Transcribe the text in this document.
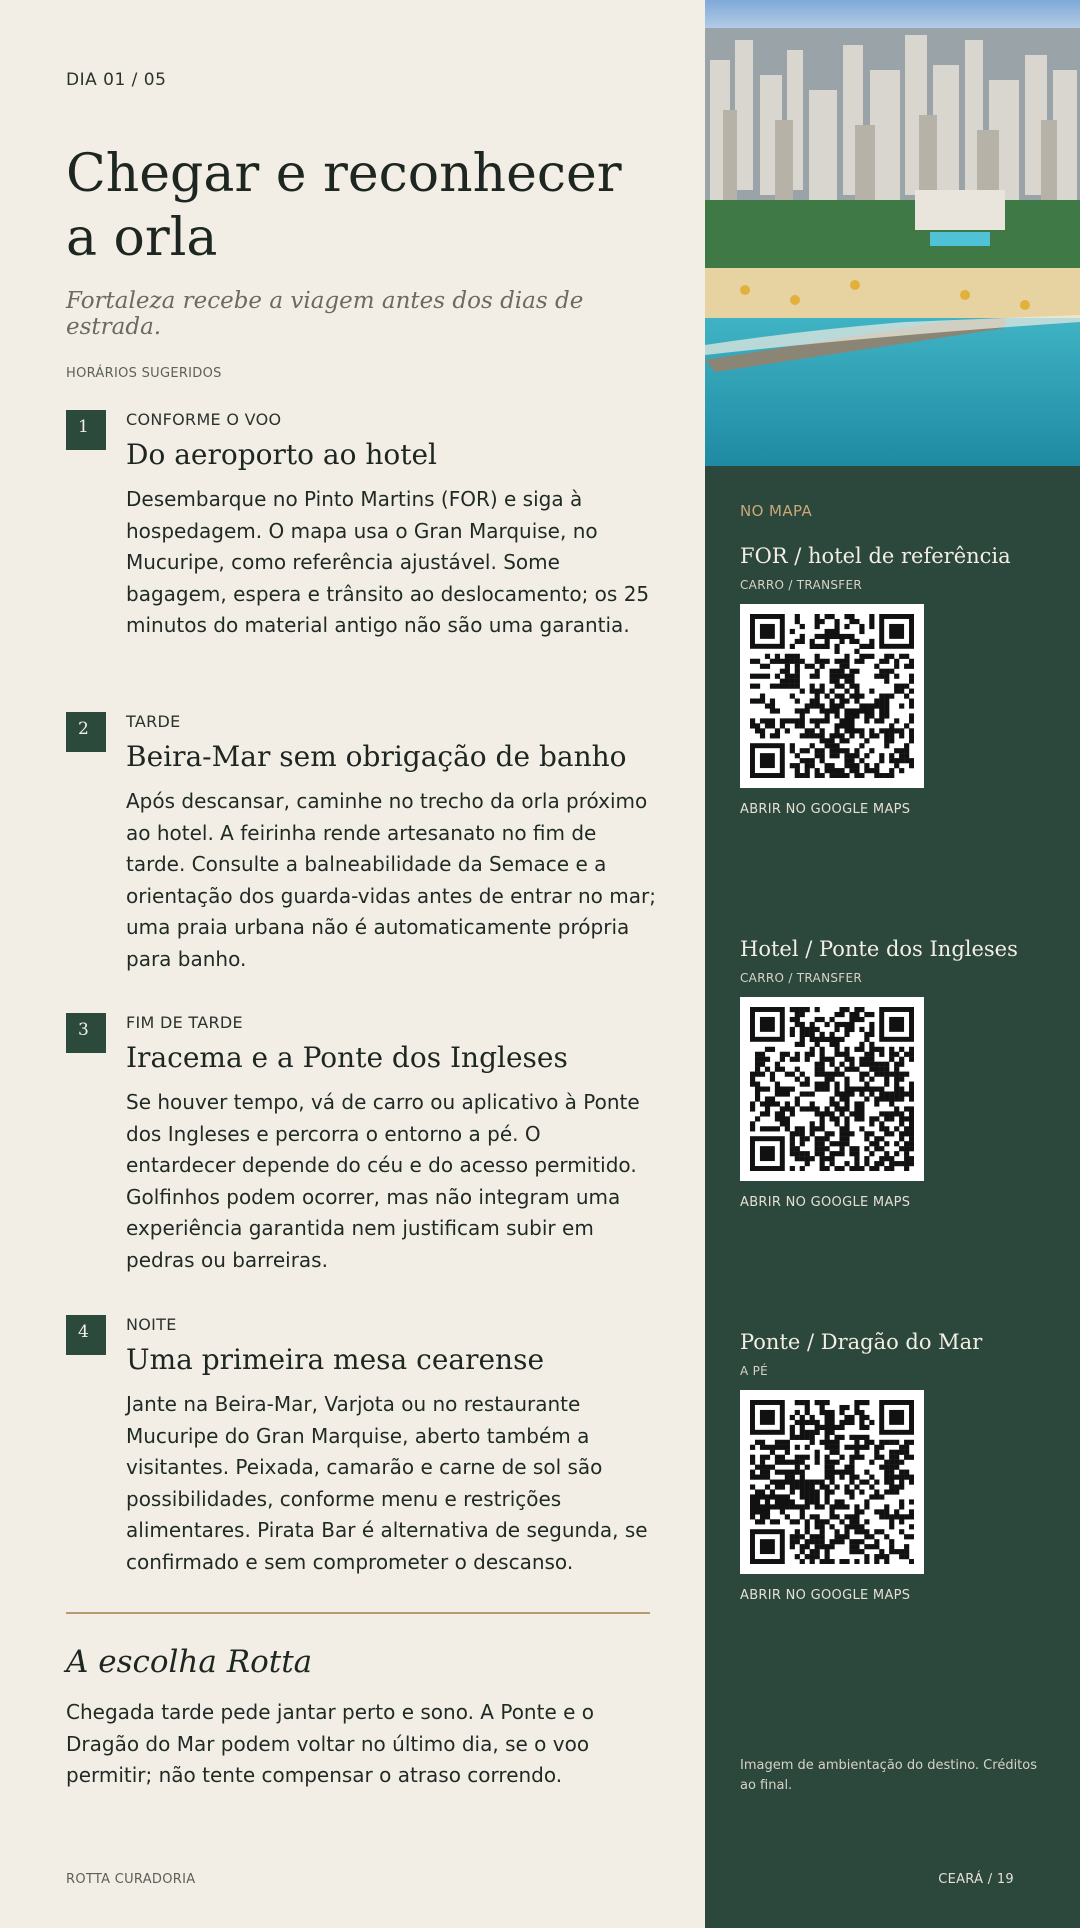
DIA 01 / 05
Chegar e reconhecer a orla

Fortaleza recebe a viagem antes dos dias de estrada.

HORÁRIOS SUGERIDOS
1	CONFORME O VOO
Do aeroporto ao hotel

Desembarque no Pinto Martins (FOR) e siga à hospedagem. O mapa usa o Gran Marquise, no Mucuripe, como referência ajustável. Some bagagem, espera e trânsito ao deslocamento; os 25 minutos do material antigo não são uma garantia.

2	TARDE
Beira-Mar sem obrigação de banho

Após descansar, caminhe no trecho da orla próximo ao hotel. A feirinha rende artesanato no fim de tarde. Consulte a balneabilidade da Semace e a orientação dos guarda-vidas antes de entrar no mar; uma praia urbana não é automaticamente própria para banho.

3	FIM DE TARDE
Iracema e a Ponte dos Ingleses

Se houver tempo, vá de carro ou aplicativo à Ponte dos Ingleses e percorra o entorno a pé. O entardecer depende do céu e do acesso permitido. Golfinhos podem ocorrer, mas não integram uma experiência garantida nem justificam subir em pedras ou barreiras.

4	NOITE
Uma primeira mesa cearense

Jante na Beira-Mar, Varjota ou no restaurante Mucuripe do Gran Marquise, aberto também a visitantes. Peixada, camarão e carne de sol são possibilidades, conforme menu e restrições alimentares. Pirata Bar é alternativa de segunda, se confirmado e sem comprometer o descanso.

A escolha Rotta

Chegada tarde pede jantar perto e sono. A Ponte e o Dragão do Mar podem voltar no último dia, se o voo permitir; não tente compensar o atraso correndo.

ROTTA CURADORIA
NO MAPA
FOR / hotel de referência
CARRO / TRANSFER
ABRIR NO GOOGLE MAPS
Hotel / Ponte dos Ingleses
CARRO / TRANSFER
ABRIR NO GOOGLE MAPS
Ponte / Dragão do Mar
A PÉ
ABRIR NO GOOGLE MAPS

Imagem de ambientação do destino. Créditos ao final.

CEARÁ / 19
